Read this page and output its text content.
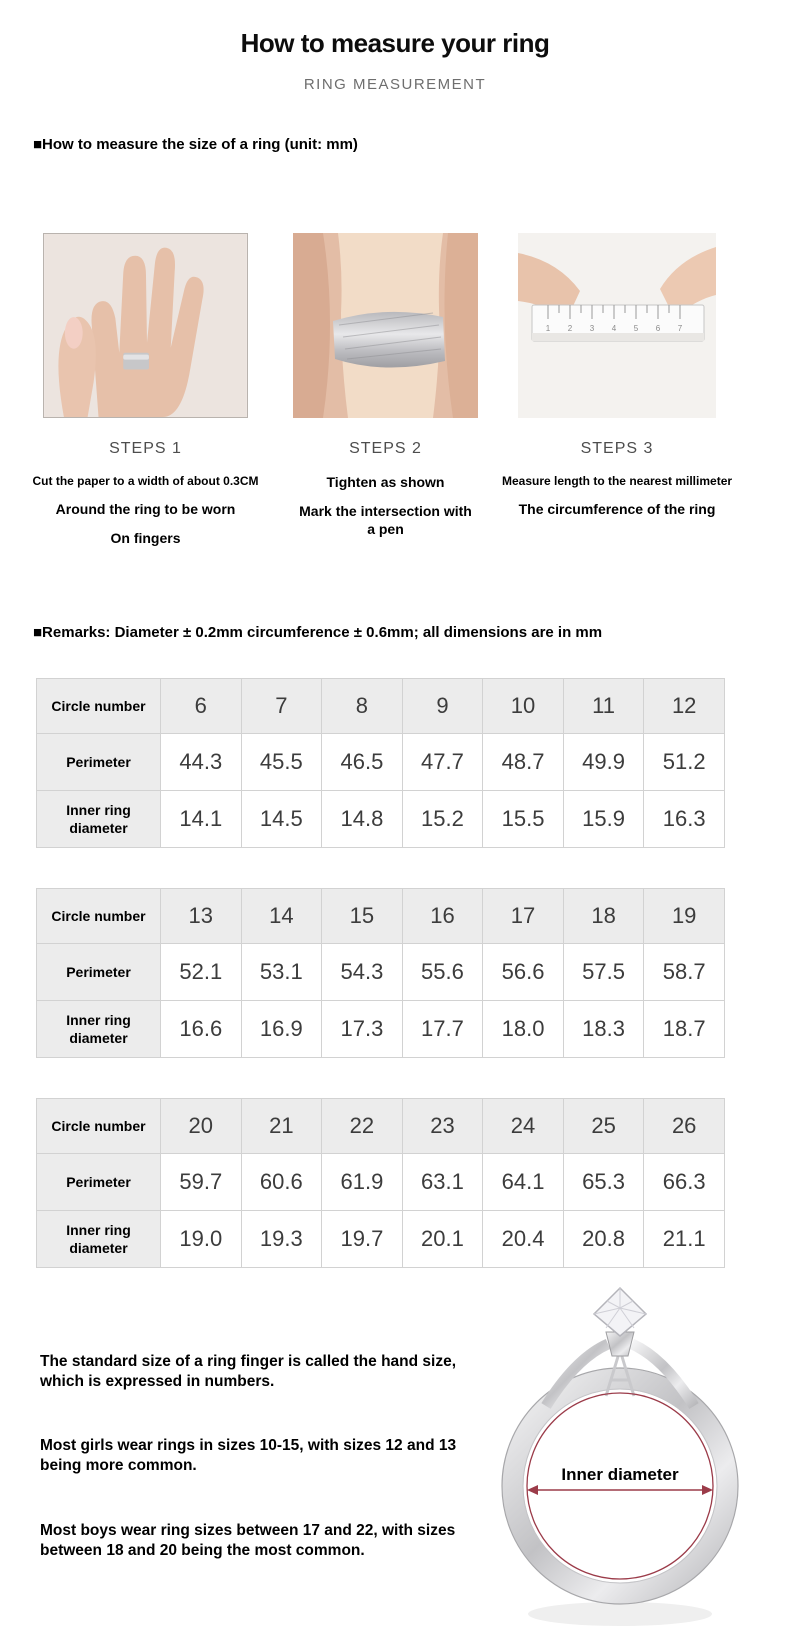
How to measure your ring
RING MEASUREMENT
■How to measure the size of a ring (unit: mm)
STEPS 1
Cut the paper to a width of about 0.3CM
Around the ring to be worn
On fingers
STEPS 2
Tighten as shown
Mark the intersection with a pen
1 2 3 4 5 6 7
STEPS 3
Measure length to the nearest millimeter
The circumference of the ring
■Remarks: Diameter ± 0.2mm circumference ± 0.6mm; all dimensions are in mm
Circle number	6	7	8	9	10	11	12
Perimeter	44.3	45.5	46.5	47.7	48.7	49.9	51.2
Inner ring diameter	14.1	14.5	14.8	15.2	15.5	15.9	16.3
Circle number	13	14	15	16	17	18	19
Perimeter	52.1	53.1	54.3	55.6	56.6	57.5	58.7
Inner ring diameter	16.6	16.9	17.3	17.7	18.0	18.3	18.7
Circle number	20	21	22	23	24	25	26
Perimeter	59.7	60.6	61.9	63.1	64.1	65.3	66.3
Inner ring diameter	19.0	19.3	19.7	20.1	20.4	20.8	21.1
The standard size of a ring finger is called the hand size, which is expressed in numbers.
Most girls wear rings in sizes 10-15, with sizes 12 and 13 being more common.
Most boys wear ring sizes between 17 and 22, with sizes between 18 and 20 being the most common.
Inner diameter
